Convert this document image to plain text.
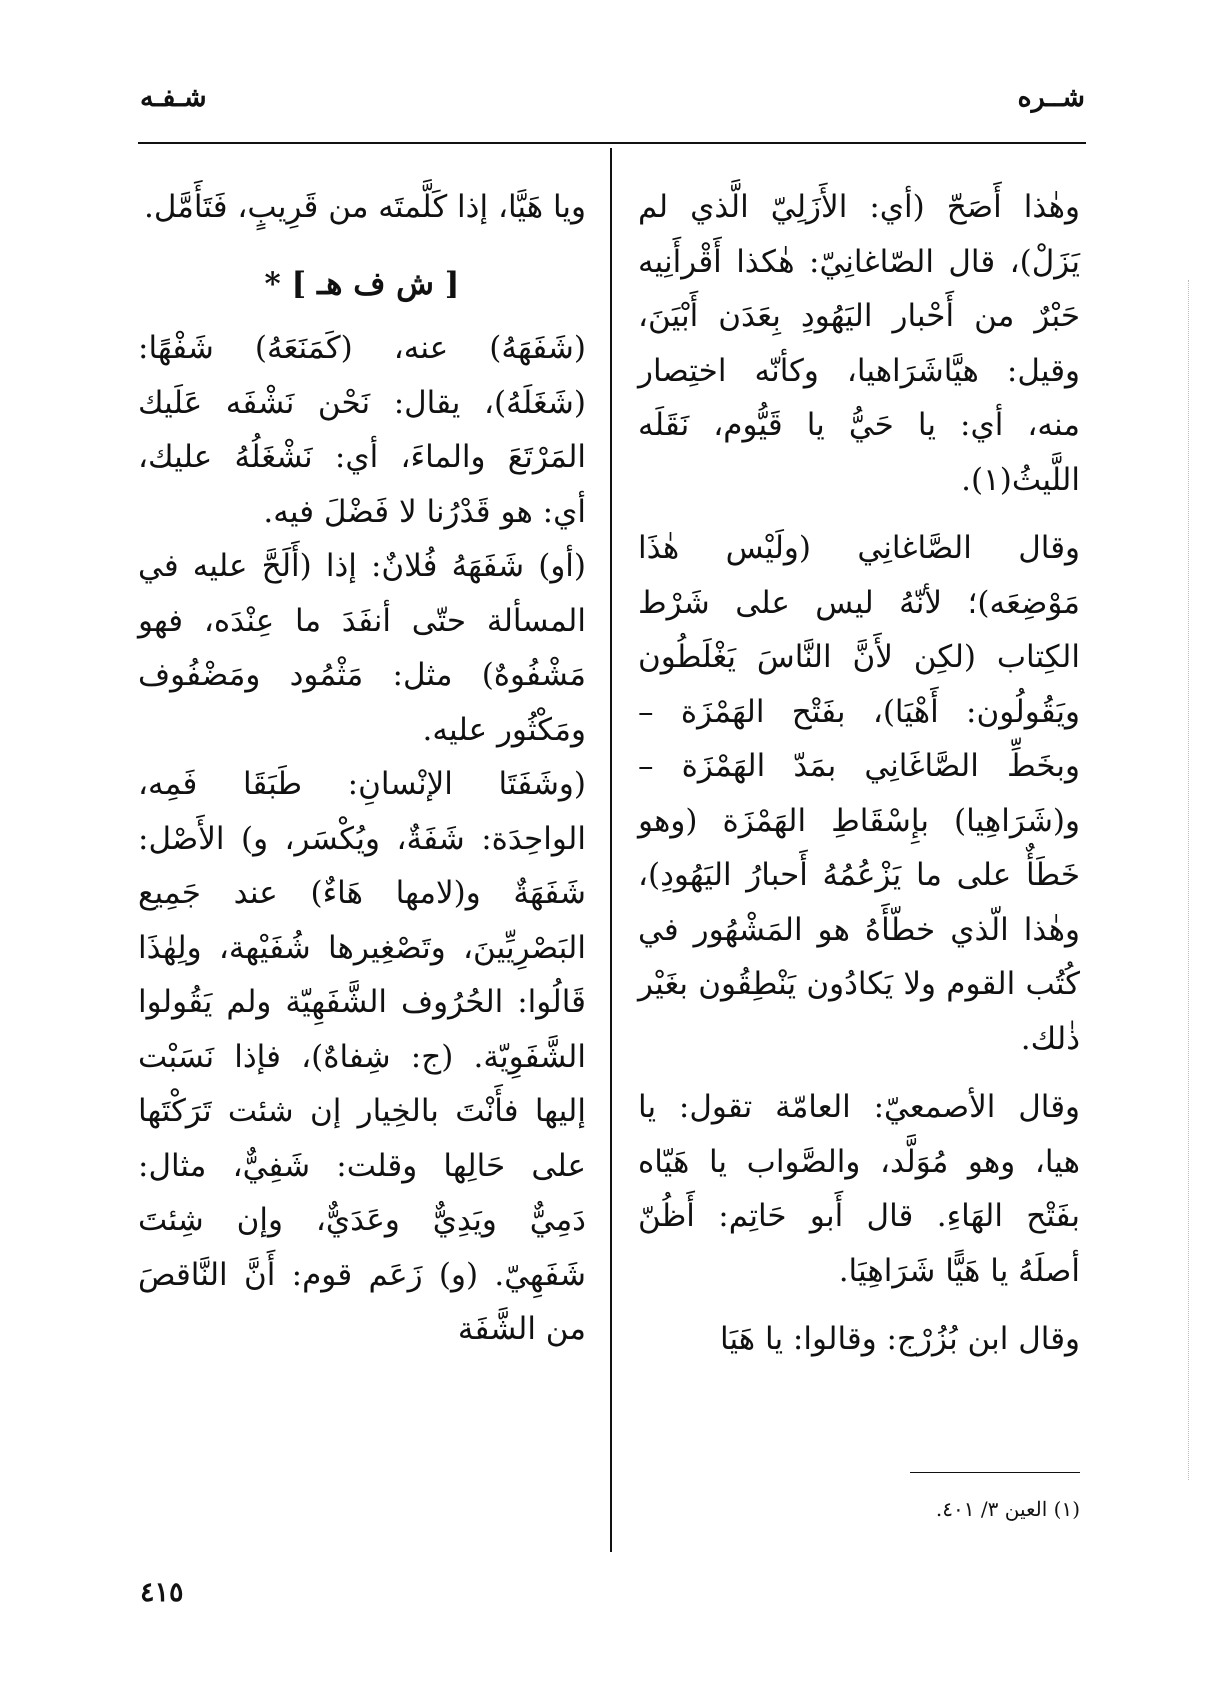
شــره
شـفـه

وهٰذا أَصَحّ (أي: الأَزَلِيّ الَّذي لم يَزَلْ)، قال الصّاغانِيّ: هٰكذا أَقْرأَنِيه حَبْرٌ من أَحْبار اليَهُودِ بِعَدَن أَبْيَنَ، وقيل: هيَّاشَرَاهيا، وكأنّه اختِصار منه، أي: يا حَيُّ يا قَيُّوم، نَقَلَه اللَّيثُ(١).

وقال الصَّاغانِي (ولَيْس هٰذَا مَوْضِعَه)؛ لأنّهُ ليس على شَرْط الكِتاب (لكِن لأَنَّ النَّاسَ يَغْلَطُون ويَقُولُون: أَهْيَا)، بفَتْح الهَمْزَة – وبخَطِّ الصَّاغَانِي بمَدّ الهَمْزَة – و(شَرَاهِيا) بإِسْقَاطِ الهَمْزَة (وهو خَطَأٌ على ما يَزْعُمُهُ أَحبارُ اليَهُودِ)، وهٰذا الّذي خطّأَهُ هو المَشْهُور في كُتُب القوم ولا يَكادُون يَنْطِقُون بغَيْر ذٰلك.

وقال الأصمعيّ: العامّة تقول: يا هيا، وهو مُوَلَّد، والصَّواب يا هَيّاه بفَتْح الهَاءِ. قال أَبو حَاتِم: أَظُنّ أصلَهُ يا هَيًّا شَرَاهِيَا.

وقال ابن بُزُرْج: وقالوا: يا هَيَا

(١) العين ٣/ ٤٠١.

ويا هَيَّا، إذا كَلَّمتَه من قَرِيبٍ، فَتَأَمَّل.

[ ش ف هـ ] *

(شَفَهَهُ) عنه، (كَمَنَعَهُ) شَفْهًا: (شَغَلَهُ)، يقال: نَحْن نَشْفَه عَلَيك المَرْتَعَ والماءَ، أي: نَشْغَلُهُ عليك، أي: هو قَدْرُنا لا فَضْلَ فيه.

(أو) شَفَهَهُ فُلانٌ: إذا (أَلَحَّ عليه في المسألة حتّى أنفَدَ ما عِنْدَه، فهو مَشْفُوهٌ) مثل: مَثْمُود ومَضْفُوف ومَكْثُور عليه.

(وشَفَتَا الإنْسانِ: طَبَقَا فَمِه، الواحِدَة: شَفَةٌ، ويُكْسَر، و) الأَصْل: شَفَهَةٌ و(لامها هَاءٌ) عند جَمِيع البَصْرِيِّينَ، وتَصْغِيرها شُفَيْهة، ولِهٰذَا قَالُوا: الحُرُوف الشَّفَهِيّة ولم يَقُولوا الشَّفَوِيّة. (ج: شِفاهٌ)، فإذا نَسَبْت إليها فأَنْتَ بالخِيار إن شئت تَرَكْتَها على حَالِها وقلت: شَفِيٌّ، مثال: دَمِيٌّ ويَدِيٌّ وعَدَيٌّ، وإن شِئتَ شَفَهِيّ. (و) زَعَم قوم: أَنَّ النَّاقصَ من الشَّفَة

٤١٥
